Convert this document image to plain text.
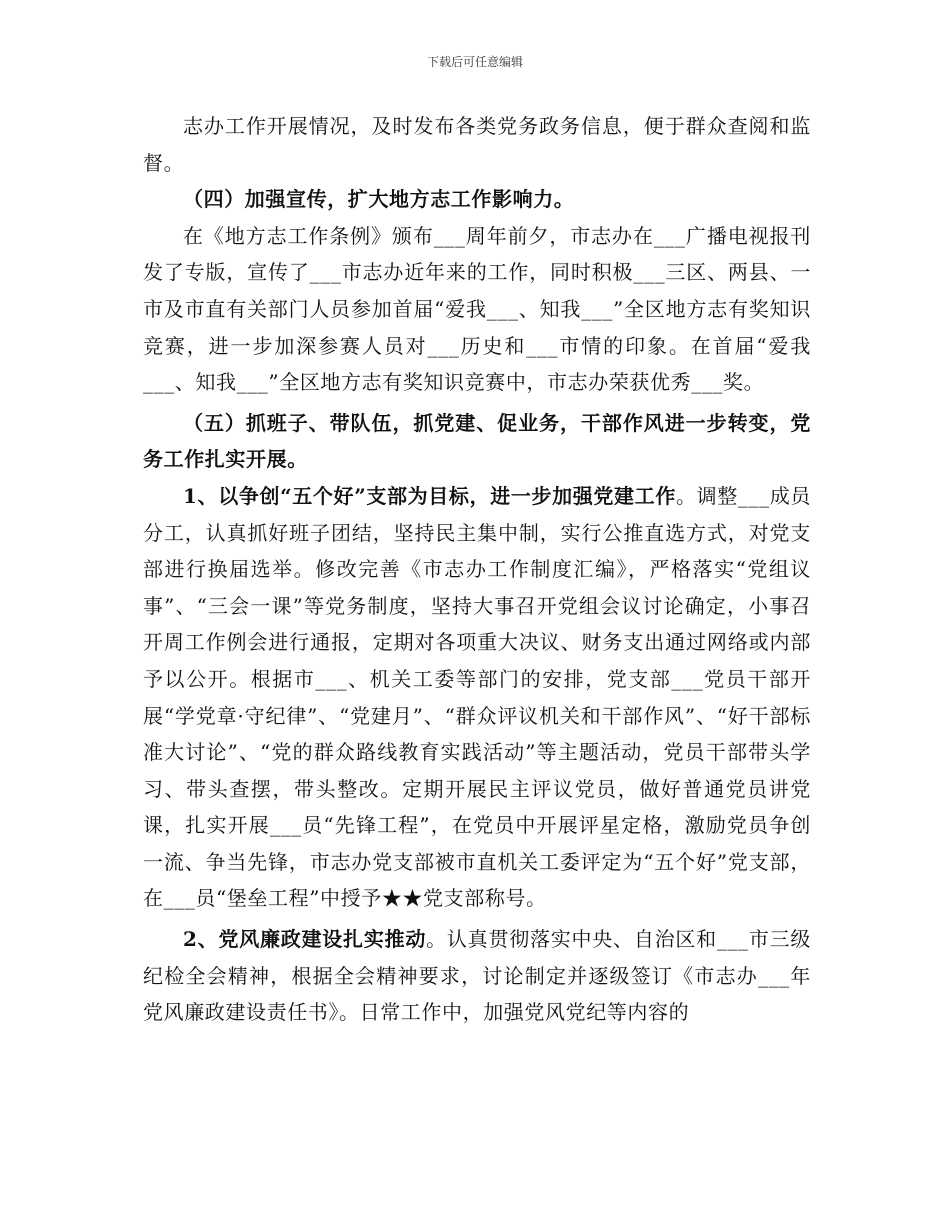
下载后可任意编辑

志办工作开展情况，及时发布各类党务政务信息，便于群众查阅和监督。

（四）加强宣传，扩大地方志工作影响力。

在《地方志工作条例》颁布___周年前夕，市志办在___广播电视报刊发了专版，宣传了___市志办近年来的工作，同时积极___三区、两县、一市及市直有关部门人员参加首届“爱我___、知我___”全区地方志有奖知识竞赛，进一步加深参赛人员对___历史和___市情的印象。在首届“爱我___、知我___”全区地方志有奖知识竞赛中，市志办荣获优秀___奖。

（五）抓班子、带队伍，抓党建、促业务，干部作风进一步转变，党务工作扎实开展。

1、以争创“五个好”支部为目标，进一步加强党建工作。调整___成员分工，认真抓好班子团结，坚持民主集中制，实行公推直选方式，对党支部进行换届选举。修改完善《市志办工作制度汇编》，严格落实“党组议事”、“三会一课”等党务制度，坚持大事召开党组会议讨论确定，小事召开周工作例会进行通报，定期对各项重大决议、财务支出通过网络或内部予以公开。根据市___、机关工委等部门的安排，党支部___党员干部开展“学党章·守纪律”、“党建月”、“群众评议机关和干部作风”、“好干部标准大讨论”、“党的群众路线教育实践活动”等主题活动，党员干部带头学习、带头查摆，带头整改。定期开展民主评议党员，做好普通党员讲党课，扎实开展___员“先锋工程”，在党员中开展评星定格，激励党员争创一流、争当先锋，市志办党支部被市直机关工委评定为“五个好”党支部，在___员“堡垒工程”中授予★★党支部称号。

2、党风廉政建设扎实推动。认真贯彻落实中央、自治区和___市三级纪检全会精神，根据全会精神要求，讨论制定并逐级签订《市志办___年党风廉政建设责任书》。日常工作中，加强党风党纪等内容的
